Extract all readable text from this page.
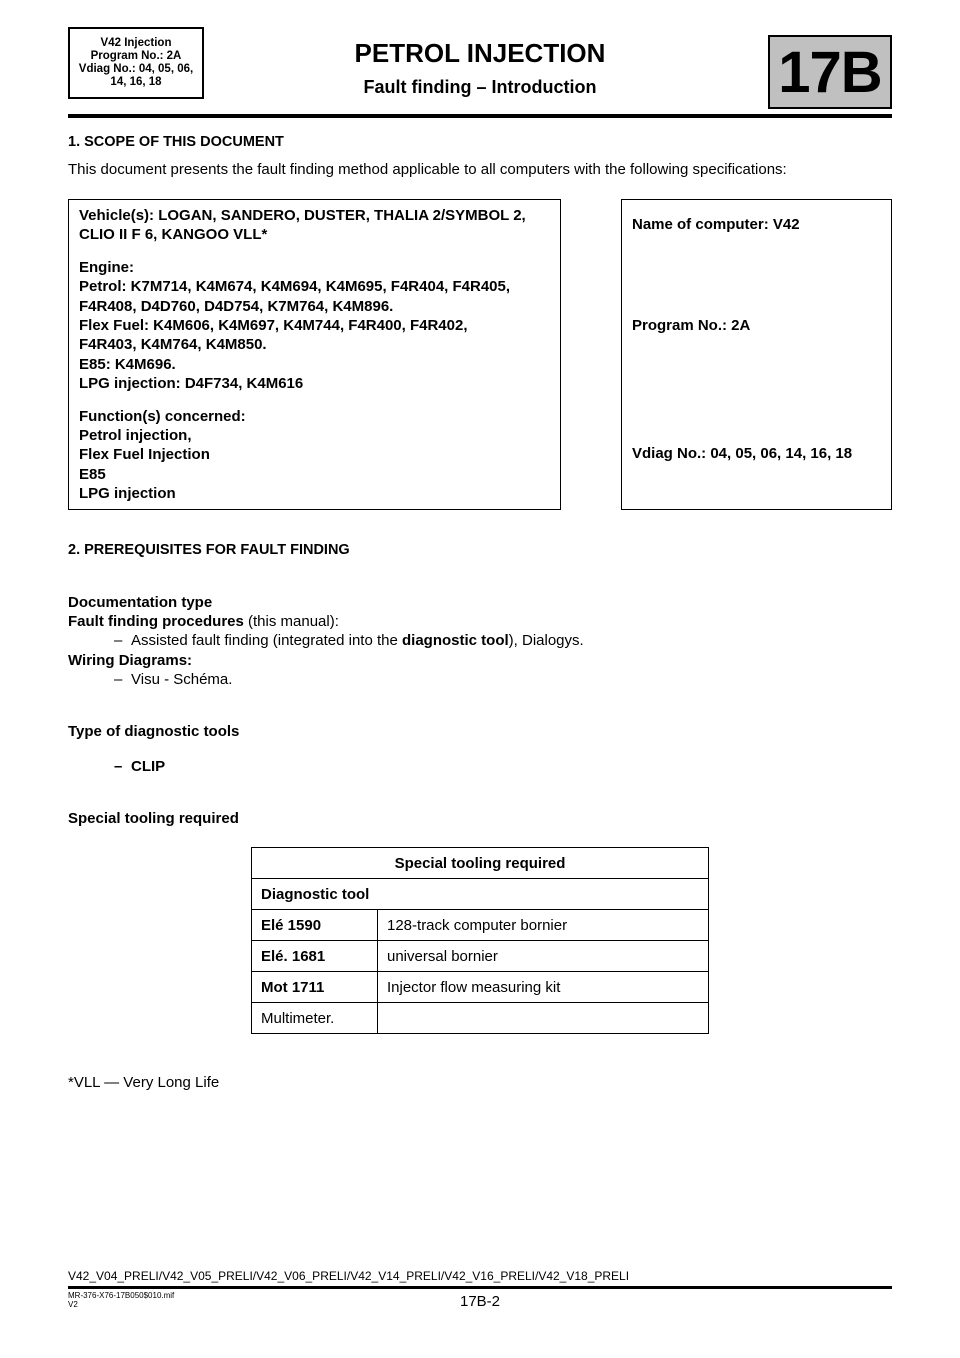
V42 Injection
Program No.: 2A
Vdiag No.: 04, 05, 06,
14, 16, 18
PETROL INJECTION
Fault finding – Introduction	17B
1. SCOPE OF THIS DOCUMENT
This document presents the fault finding method applicable to all computers with the following specifications:

Vehicle(s): LOGAN, SANDERO, DUSTER, THALIA 2/SYMBOL 2,
CLIO II F 6, KANGOO VLL*

Engine:
Petrol: K7M714, K4M674, K4M694, K4M695, F4R404, F4R405,
F4R408, D4D760, D4D754, K7M764, K4M896.
Flex Fuel: K4M606, K4M697, K4M744, F4R400, F4R402,
F4R403, K4M764, K4M850.
E85: K4M696.
LPG injection: D4F734, K4M616

Function(s) concerned:
Petrol injection,
Flex Fuel Injection
E85
LPG injection

Name of computer: V42
Program No.: 2A
Vdiag No.: 04, 05, 06, 14, 16, 18
2. PREREQUISITES FOR FAULT FINDING
Documentation type
Fault finding procedures (this manual):
– Assisted fault finding (integrated into the diagnostic tool), Dialogys.
Wiring Diagrams:
– Visu - Schéma.
Type of diagnostic tools
– CLIP
Special tooling required
Special tooling required	
Diagnostic tool	
Elé 1590	128-track computer bornier
Elé. 1681	universal bornier
Mot 1711	Injector flow measuring kit
Multimeter.	
*VLL — Very Long Life
V42_V04_PRELI/V42_V05_PRELI/V42_V06_PRELI/V42_V14_PRELI/V42_V16_PRELI/V42_V18_PRELI
MR-376-X76-17B050$010.mif
V2	17B-2
